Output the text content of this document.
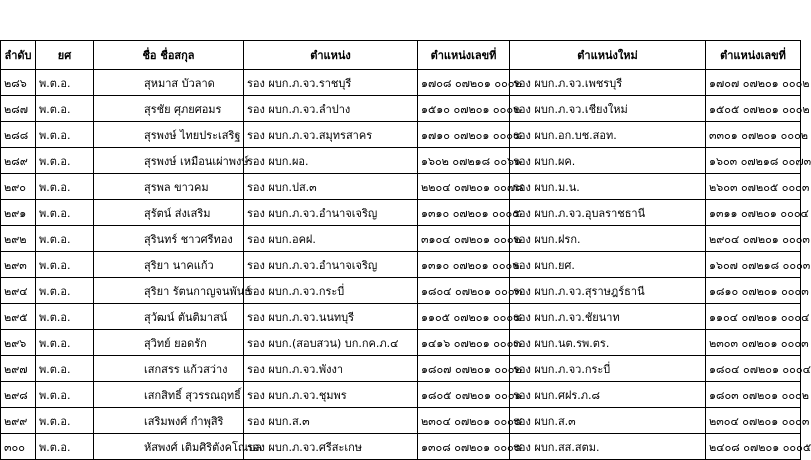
ลำดับ	ยศ	ชื่อ ชื่อสกุล	ตำแหน่ง	ตำแหน่งเลขที่	ตำแหน่งใหม่	ตำแหน่งเลขที่
๒๘๖	พ.ต.อ.	สุหมาส บัวลาด	รอง ผบก.ภ.จว.ราชบุรี	๑๗๐๘ ๐๗๒๐๑ ๐๐๐๒	รอง ผบก.ภ.จว.เพชรบุรี	๑๗๐๗ ๐๗๒๐๑ ๐๐๐๒
๒๘๗	พ.ต.อ.	สุรชัย ศุภยศอมร	รอง ผบก.ภ.จว.ลำปาง	๑๕๑๐ ๐๗๒๐๑ ๐๐๐๒	รอง ผบก.ภ.จว.เชียงใหม่	๑๕๐๕ ๐๗๒๐๑ ๐๐๐๒
๒๘๘	พ.ต.อ.	สุรพงษ์ ไทยประเสริฐ	รอง ผบก.ภ.จว.สมุทรสาคร	๑๗๑๐ ๐๗๒๐๑ ๐๐๐๔	รอง ผบก.อก.บช.สอท.	๓๓๐๑ ๐๗๒๐๑ ๐๐๐๒
๒๘๙	พ.ต.อ.	สุรพงษ์ เหมือนเผ่าพงษ์	รอง ผบก.ผอ.	๑๖๐๒ ๐๗๒๑๘ ๐๐๖๑	รอง ผบก.ผค.	๑๖๐๓ ๐๗๒๑๘ ๐๐๗๓
๒๙๐	พ.ต.อ.	สุรพล ขาวคม	รอง ผบก.ปส.๓	๒๒๐๔ ๐๗๒๐๑ ๐๐๗๘	รอง ผบก.ม.น.	๒๖๐๓ ๐๗๒๐๕ ๐๐๐๓
๒๙๑	พ.ต.อ.	สุรัตน์ ส่งเสริม	รอง ผบก.ภ.จว.อำนาจเจริญ	๑๓๑๐ ๐๗๒๐๑ ๐๐๐๕	รอง ผบก.ภ.จว.อุบลราชธานี	๑๓๑๑ ๐๗๒๐๑ ๐๐๐๔
๒๙๒	พ.ต.อ.	สุรินทร์ ชาวศรีทอง	รอง ผบก.อคฝ.	๓๑๐๔ ๐๗๒๐๑ ๐๐๐๒	รอง ผบก.ฝรก.	๒๙๐๔ ๐๗๒๐๑ ๐๐๐๓
๒๙๓	พ.ต.อ.	สุริยา นาคแก้ว	รอง ผบก.ภ.จว.อำนาจเจริญ	๑๓๑๐ ๐๗๒๐๑ ๐๐๐๒	รอง ผบก.ยศ.	๑๖๐๗ ๐๗๒๑๘ ๐๐๐๓
๒๙๔	พ.ต.อ.	สุริยา รัตนกาญจนพันธ์	รอง ผบก.ภ.จว.กระบี่	๑๘๐๔ ๐๗๒๐๑ ๐๐๐๓	รอง ผบก.ภ.จว.สุราษฎร์ธานี	๑๘๑๐ ๐๗๒๐๑ ๐๐๐๓
๒๙๕	พ.ต.อ.	สุวัฒน์ ตันติมาสน์	รอง ผบก.ภ.จว.นนทบุรี	๑๑๐๕ ๐๗๒๐๑ ๐๐๐๔	รอง ผบก.ภ.จว.ชัยนาท	๑๑๐๔ ๐๗๒๐๑ ๐๐๐๔
๒๙๖	พ.ต.อ.	สุวิทย์ ยอดรัก	รอง ผบก.(สอบสวน) บก.กค.ภ.๔	๑๔๑๖ ๐๗๒๐๑ ๐๐๐๓	รอง ผบก.นต.รพ.ตร.	๒๓๐๓ ๐๗๒๐๑ ๐๐๐๓
๒๙๗	พ.ต.อ.	เสกสรร แก้วสว่าง	รอง ผบก.ภ.จว.พังงา	๑๘๐๗ ๐๗๒๐๑ ๐๐๐๒	รอง ผบก.ภ.จว.กระบี่	๑๘๐๔ ๐๗๒๐๑ ๐๐๐๔
๒๙๘	พ.ต.อ.	เสกสิทธิ์ สุวรรณฤทธิ์	รอง ผบก.ภ.จว.ชุมพร	๑๘๐๕ ๐๗๒๐๑ ๐๐๐๑	รอง ผบก.ศฝร.ภ.๘	๑๘๐๓ ๐๗๒๐๑ ๐๐๐๒
๒๙๙	พ.ต.อ.	เสริมพงศ์ กำพุสิริ	รอง ผบก.ส.๓	๒๓๐๔ ๐๗๒๐๑ ๐๐๐๕	รอง ผบก.ส.๓	๒๓๐๔ ๐๗๒๐๑ ๐๐๐๓
๓๐๐	พ.ต.อ.	หัสพงศ์ เติมศิริตังคโณบล	รอง ผบก.ภ.จว.ศรีสะเกษ	๑๓๐๘ ๐๗๒๐๑ ๐๐๐๕	รอง ผบก.สส.สตม.	๒๔๐๘ ๐๗๒๐๑ ๐๐๐๕
